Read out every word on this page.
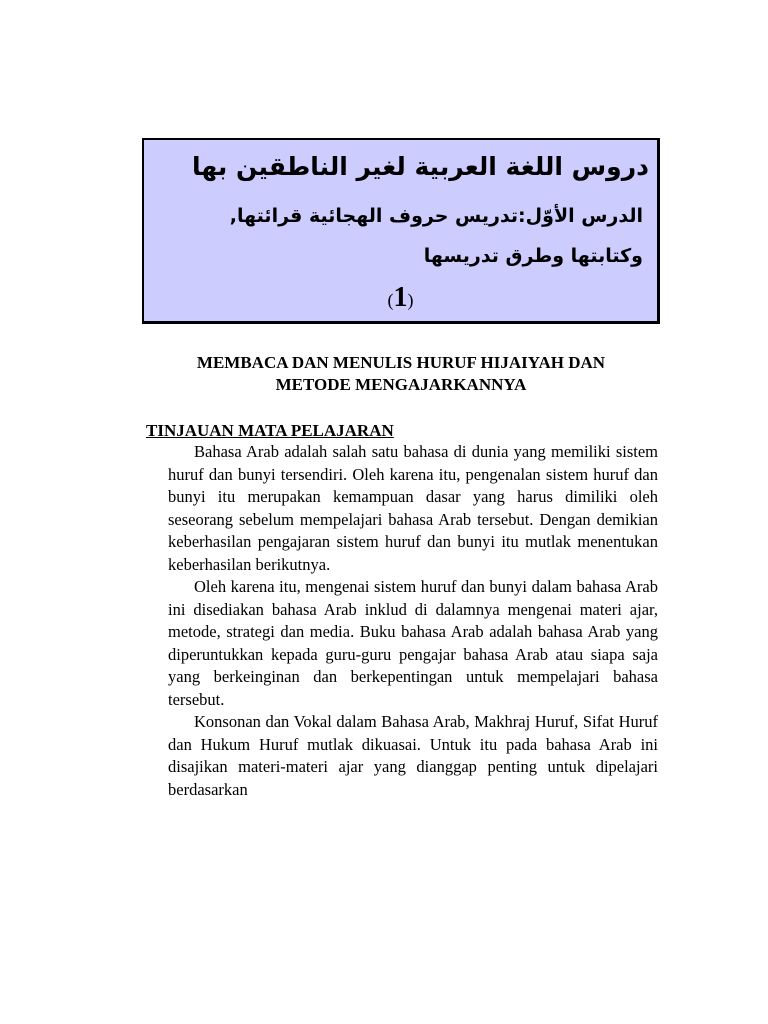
دروس اللغة العربية لغير الناطقين بها
الدرس الأوّل:تدريس حروف الهجائية قرائتها, وكتابتها وطرق تدريسها
(1)
MEMBACA DAN MENULIS HURUF HIJAIYAH DAN
METODE MENGAJARKANNYA
TINJAUAN MATA PELAJARAN

Bahasa Arab adalah salah satu bahasa di dunia yang memiliki sistem huruf dan bunyi tersendiri. Oleh karena itu, pengenalan sistem huruf dan bunyi itu merupakan kemampuan dasar yang harus dimiliki oleh seseorang sebelum mempelajari bahasa Arab tersebut. Dengan demikian keberhasilan pengajaran sistem huruf dan bunyi itu mutlak menentukan keberhasilan berikutnya.

Oleh karena itu, mengenai sistem huruf dan bunyi dalam bahasa Arab ini disediakan bahasa Arab inklud di dalamnya mengenai materi ajar, metode, strategi dan media. Buku bahasa Arab adalah bahasa Arab yang diperuntukkan kepada guru-guru pengajar bahasa Arab atau siapa saja yang berkeinginan dan berkepentingan untuk mempelajari bahasa tersebut.

Konsonan dan Vokal dalam Bahasa Arab, Makhraj Huruf, Sifat Huruf dan Hukum Huruf mutlak dikuasai. Untuk itu pada bahasa Arab ini disajikan materi-materi ajar yang dianggap penting untuk dipelajari berdasarkan
